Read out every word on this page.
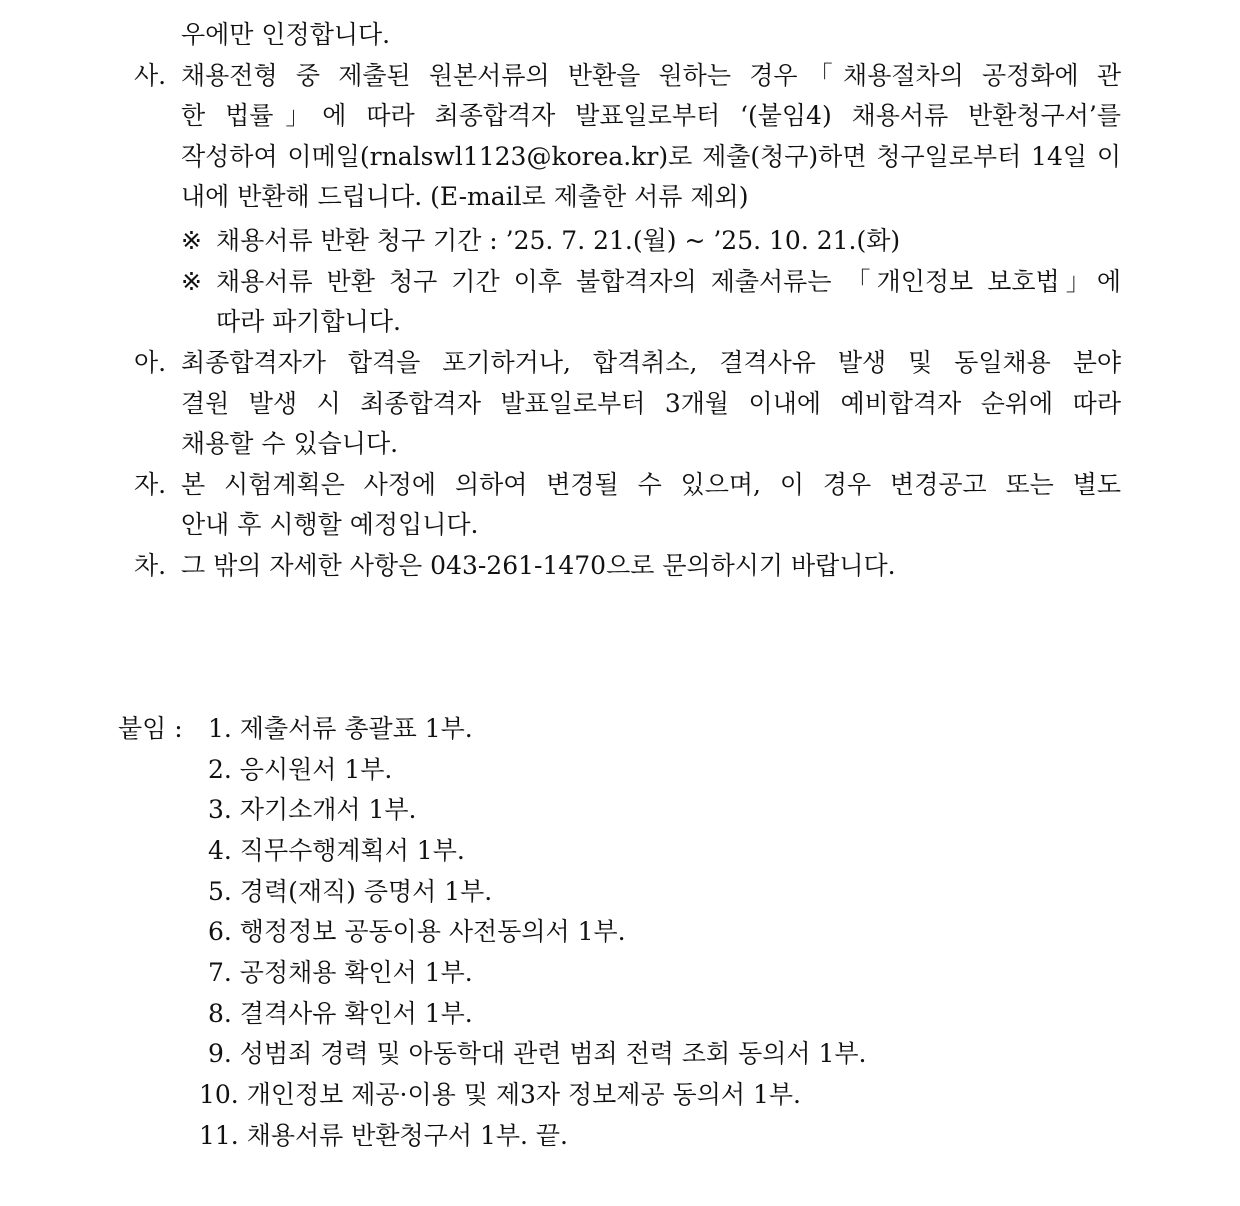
우에만 인정합니다.
사. 채용전형 중 제출된 원본서류의 반환을 원하는 경우「채용절차의 공정화에 관
한 법률」에 따라 최종합격자 발표일로부터 ‘(붙임4) 채용서류 반환청구서’를
작성하여 이메일(rnalswl1123@korea.kr)로 제출(청구)하면 청구일로부터 14일 이
내에 반환해 드립니다. (E-mail로 제출한 서류 제외)
※ 채용서류 반환 청구 기간 : ’25. 7. 21.(월) ~ ’25. 10. 21.(화)
※ 채용서류 반환 청구 기간 이후 불합격자의 제출서류는 「개인정보 보호법」에
따라 파기합니다.
아. 최종합격자가 합격을 포기하거나, 합격취소, 결격사유 발생 및 동일채용 분야
결원 발생 시 최종합격자 발표일로부터 3개월 이내에 예비합격자 순위에 따라
채용할 수 있습니다.
자. 본 시험계획은 사정에 의하여 변경될 수 있으며, 이 경우 변경공고 또는 별도
안내 후 시행할 예정입니다.
차. 그 밖의 자세한 사항은 043-261-1470으로 문의하시기 바랍니다.
붙임 : 1. 제출서류 총괄표 1부.
2. 응시원서 1부.
3. 자기소개서 1부.
4. 직무수행계획서 1부.
5. 경력(재직) 증명서 1부.
6. 행정정보 공동이용 사전동의서 1부.
7. 공정채용 확인서 1부.
8. 결격사유 확인서 1부.
9. 성범죄 경력 및 아동학대 관련 범죄 전력 조회 동의서 1부.
10. 개인정보 제공·이용 및 제3자 정보제공 동의서 1부.
11. 채용서류 반환청구서 1부. 끝.
